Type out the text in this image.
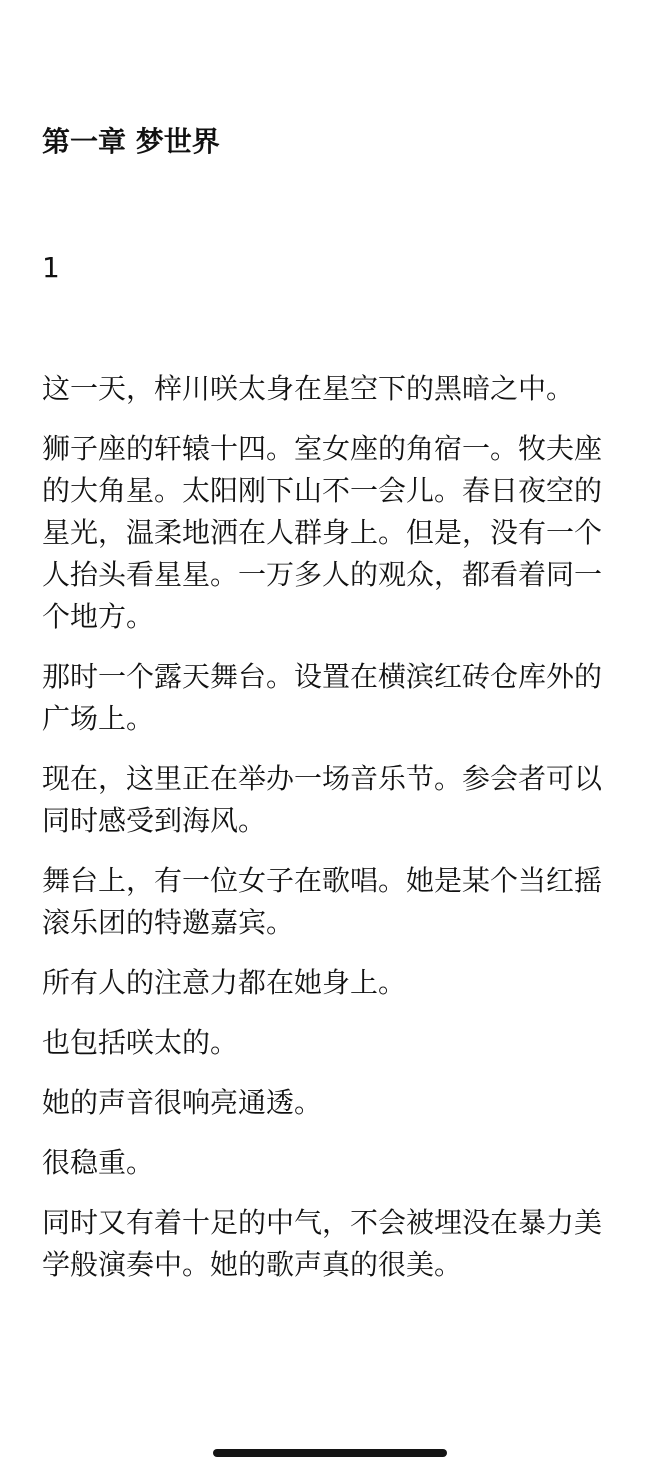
第一章 梦世界
1

这一天，梓川咲太身在星空下的黑暗之中。

狮子座的轩辕十四。室女座的角宿一。牧夫座的大角星。太阳刚下山不一会儿。春日夜空的星光，温柔地洒在人群身上。但是，没有一个人抬头看星星。一万多人的观众，都看着同一个地方。

那时一个露天舞台。设置在横滨红砖仓库外的广场上。

现在，这里正在举办一场音乐节。参会者可以同时感受到海风。

舞台上，有一位女子在歌唱。她是某个当红摇滚乐团的特邀嘉宾。

所有人的注意力都在她身上。

也包括咲太的。

她的声音很响亮通透。

很稳重。

同时又有着十足的中气，不会被埋没在暴力美学般演奏中。她的歌声真的很美。
